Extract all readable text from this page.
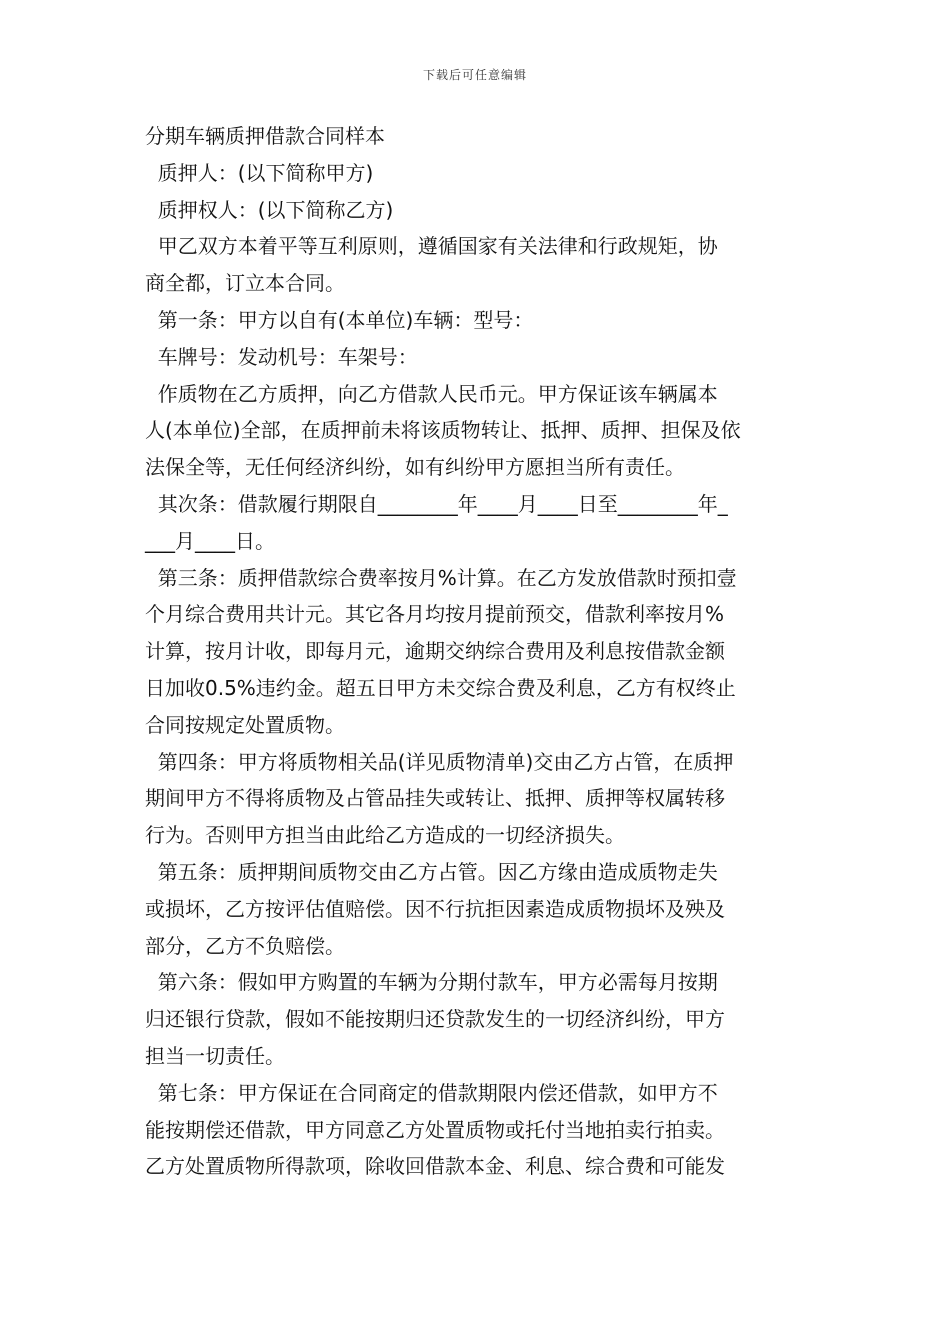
下载后可任意编辑
分期车辆质押借款合同样本
质押人：(以下简称甲方)
质押权人：(以下简称乙方)
甲乙双方本着平等互利原则，遵循国家有关法律和行政规矩，协
商全都，订立本合同。
第一条：甲方以自有(本单位)车辆：型号：
车牌号：发动机号：车架号：
作质物在乙方质押，向乙方借款人民币元。甲方保证该车辆属本
人(本单位)全部，在质押前未将该质物转让、抵押、质押、担保及依
法保全等，无任何经济纠纷，如有纠纷甲方愿担当所有责任。
其次条：借款履行期限自________年____月____日至________年_
___月____日。
第三条：质押借款综合费率按月%计算。在乙方发放借款时预扣壹
个月综合费用共计元。其它各月均按月提前预交，借款利率按月%
计算，按月计收，即每月元，逾期交纳综合费用及利息按借款金额
日加收0.5%违约金。超五日甲方未交综合费及利息，乙方有权终止
合同按规定处置质物。
第四条：甲方将质物相关品(详见质物清单)交由乙方占管，在质押
期间甲方不得将质物及占管品挂失或转让、抵押、质押等权属转移
行为。否则甲方担当由此给乙方造成的一切经济损失。
第五条：质押期间质物交由乙方占管。因乙方缘由造成质物走失
或损坏，乙方按评估值赔偿。因不行抗拒因素造成质物损坏及殃及
部分，乙方不负赔偿。
第六条：假如甲方购置的车辆为分期付款车，甲方必需每月按期
归还银行贷款，假如不能按期归还贷款发生的一切经济纠纷，甲方
担当一切责任。
第七条：甲方保证在合同商定的借款期限内偿还借款，如甲方不
能按期偿还借款，甲方同意乙方处置质物或托付当地拍卖行拍卖。
乙方处置质物所得款项，除收回借款本金、利息、综合费和可能发
